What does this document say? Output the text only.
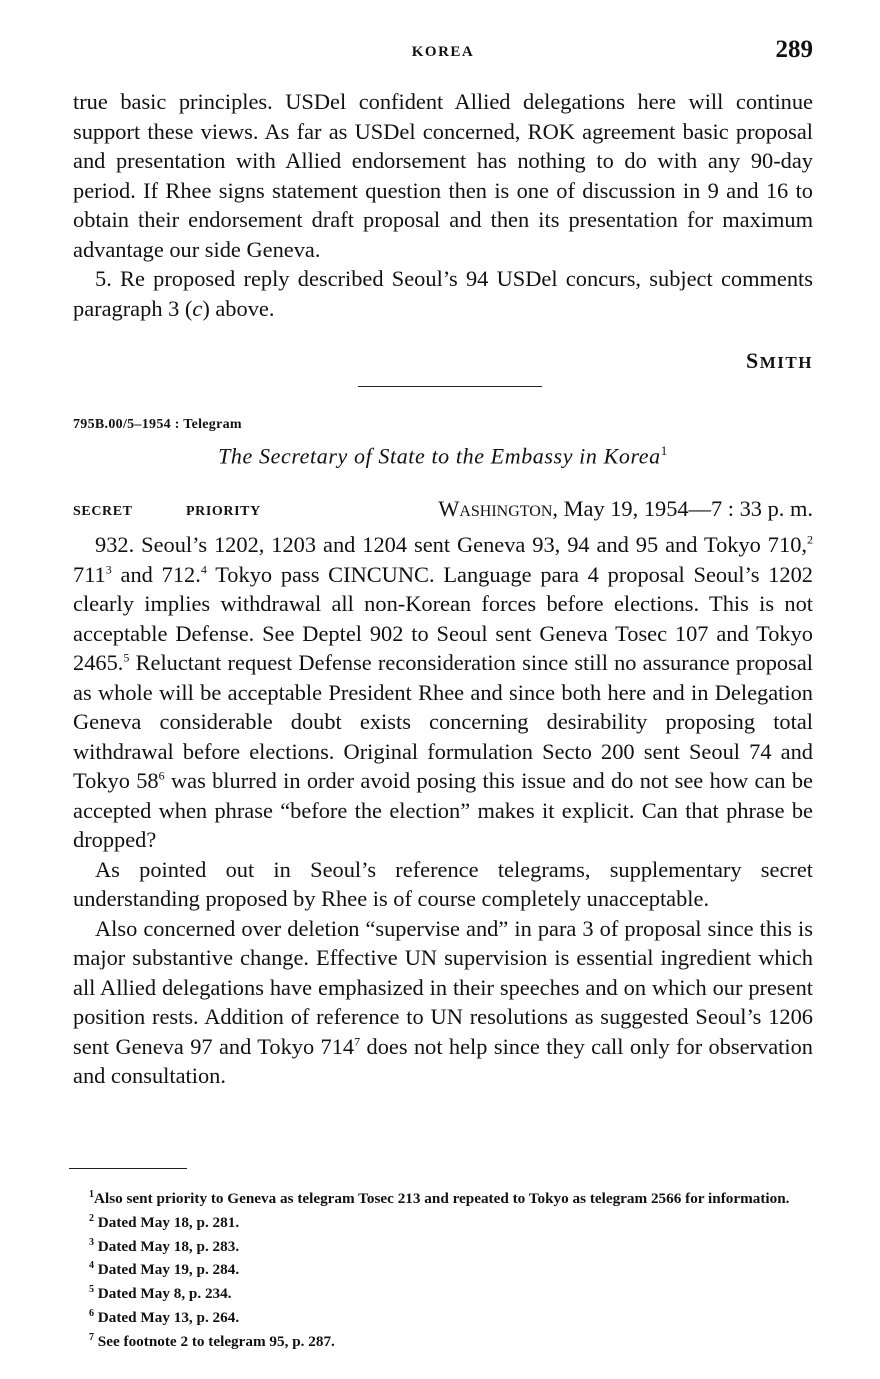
KOREA	289

true basic principles. USDel confident Allied delegations here will continue support these views. As far as USDel concerned, ROK agreement basic proposal and presentation with Allied endorsement has nothing to do with any 90-day period. If Rhee signs statement question then is one of discussion in 9 and 16 to obtain their endorsement draft proposal and then its presentation for maximum advantage our side Geneva.

5. Re proposed reply described Seoul’s 94 USDel concurs, subject comments paragraph 3 (c) above.

SMITH
795B.00/5–1954 : Telegram
The Secretary of State to the Embassy in Korea$^1$
SECRET	PRIORITY	Washington, May 19, 1954—7 : 33 p. m.

932. Seoul’s 1202, 1203 and 1204 sent Geneva 93, 94 and 95 and Tokyo 710,$^2$ 711$^3$ and 712.$^4$ Tokyo pass CINCUNC. Language para 4 proposal Seoul’s 1202 clearly implies withdrawal all non-Korean forces before elections. This is not acceptable Defense. See Deptel 902 to Seoul sent Geneva Tosec 107 and Tokyo 2465.$^5$ Reluctant request Defense reconsideration since still no assurance proposal as whole will be acceptable President Rhee and since both here and in Delegation Geneva considerable doubt exists concerning desirability proposing total withdrawal before elections. Original formulation Secto 200 sent Seoul 74 and Tokyo 58$^6$ was blurred in order avoid posing this issue and do not see how can be accepted when phrase “before the election” makes it explicit. Can that phrase be dropped?

As pointed out in Seoul’s reference telegrams, supplementary secret understanding proposed by Rhee is of course completely unacceptable.

Also concerned over deletion “supervise and” in para 3 of proposal since this is major substantive change. Effective UN supervision is essential ingredient which all Allied delegations have emphasized in their speeches and on which our present position rests. Addition of reference to UN resolutions as suggested Seoul’s 1206 sent Geneva 97 and Tokyo 714$^7$ does not help since they call only for observation and consultation.

$^1$Also sent priority to Geneva as telegram Tosec 213 and repeated to Tokyo as telegram 2566 for information.

$^2$ Dated May 18, p. 281.

$^3$ Dated May 18, p. 283.

$^4$ Dated May 19, p. 284.

$^5$ Dated May 8, p. 234.

$^6$ Dated May 13, p. 264.

$^7$ See footnote 2 to telegram 95, p. 287.
